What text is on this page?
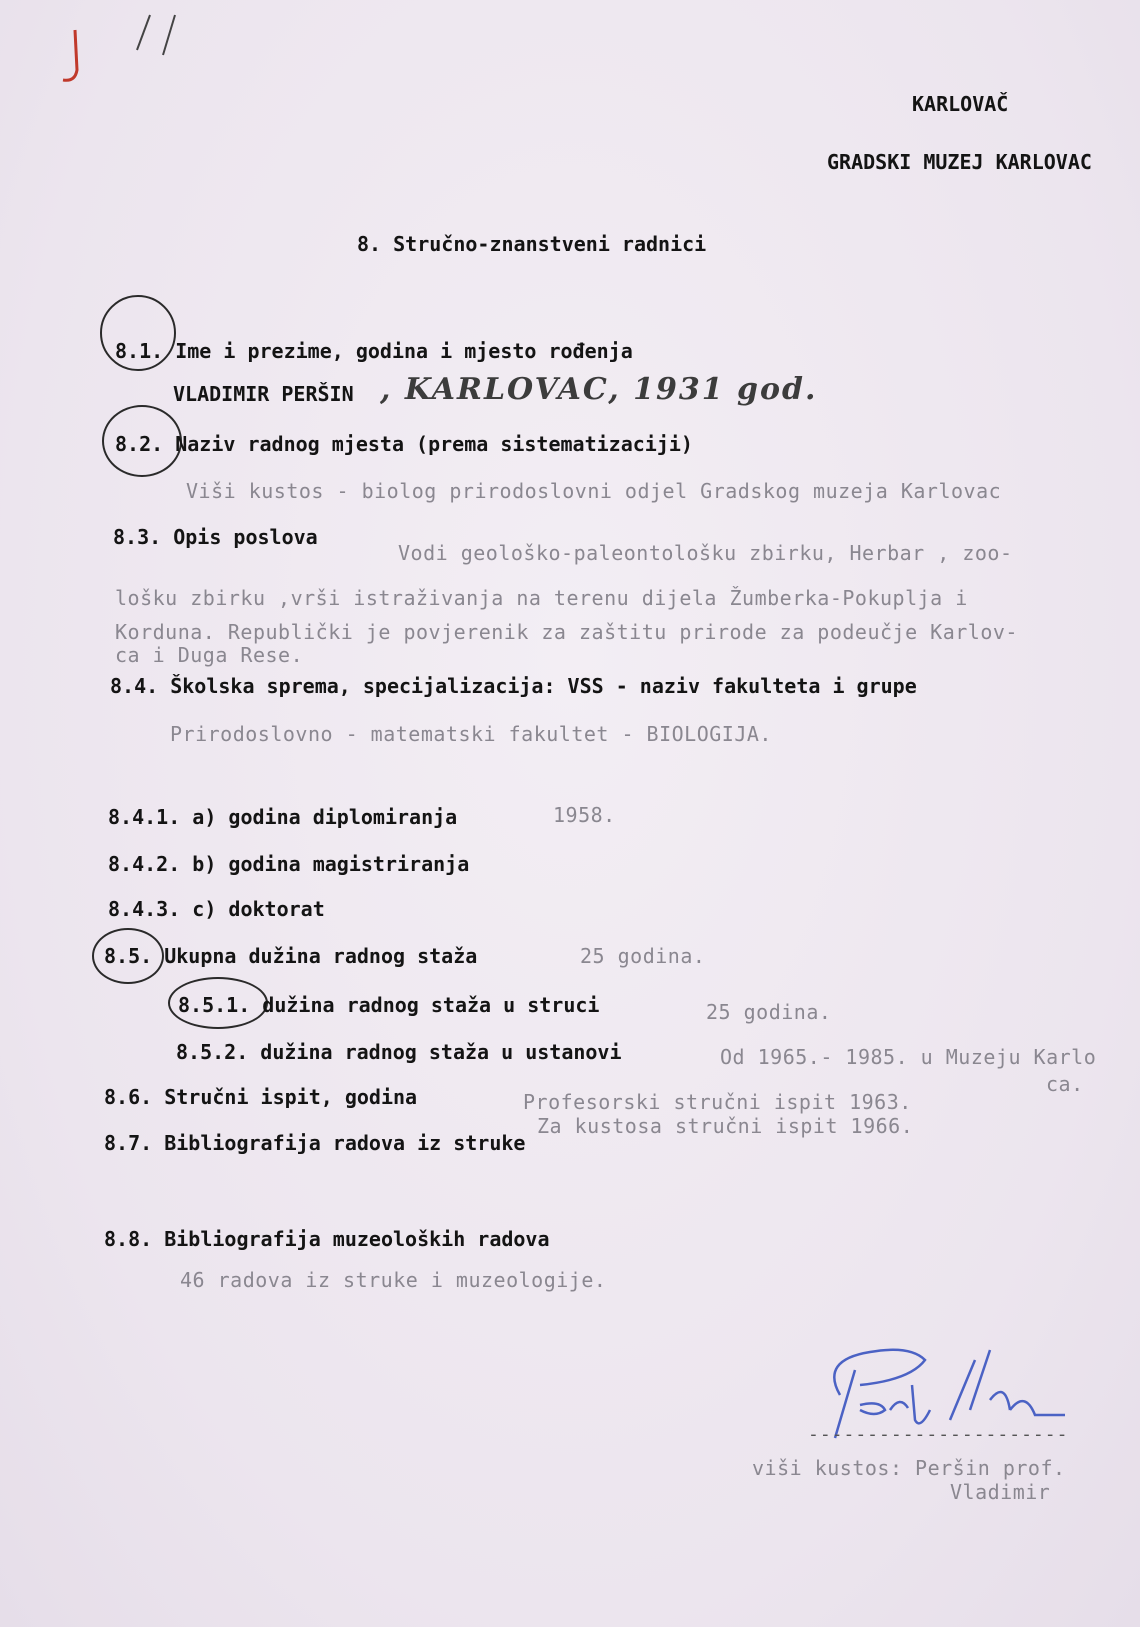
KARLOVAČ
GRADSKI MUZEJ KARLOVAC
8. Stručno-znanstveni radnici
8.1. Ime i prezime, godina i mjesto rođenja
VLADIMIR PERŠIN , KARLOVAC, 1931 god.
8.2. Naziv radnog mjesta (prema sistematizaciji)
Viši kustos - biolog prirodoslovni odjel Gradskog muzeja Karlovac
8.3. Opis poslova
Vodi geološko-paleontološku zbirku, Herbar , zoo-
lošku zbirku ,vrši istraživanja na terenu dijela Žumberka-Pokuplja i
Korduna. Republički je povjerenik za zaštitu prirode za podeučje Karlov-
ca i Duga Rese.
8.4. Školska sprema, specijalizacija: VSS - naziv fakulteta i grupe
Prirodoslovno - matematski fakultet - BIOLOGIJA.
8.4.1. a) godina diplomiranja	1958.
8.4.2. b) godina magistriranja
8.4.3. c) doktorat
8.5. Ukupna dužina radnog staža	25 godina.
8.5.1. dužina radnog staža u struci	25 godina.
8.5.2. dužina radnog staža u ustanovi	Od 1965.- 1985. u Muzeju Karlo
ca.
8.6. Stručni ispit, godina	Profesorski stručni ispit 1963.
Za kustosa stručni ispit 1966.
8.7. Bibliografija radova iz struke
8.8. Bibliografija muzeoloških radova
46 radova iz struke i muzeologije.
----------------------
viši kustos: Peršin prof.
Vladimir
